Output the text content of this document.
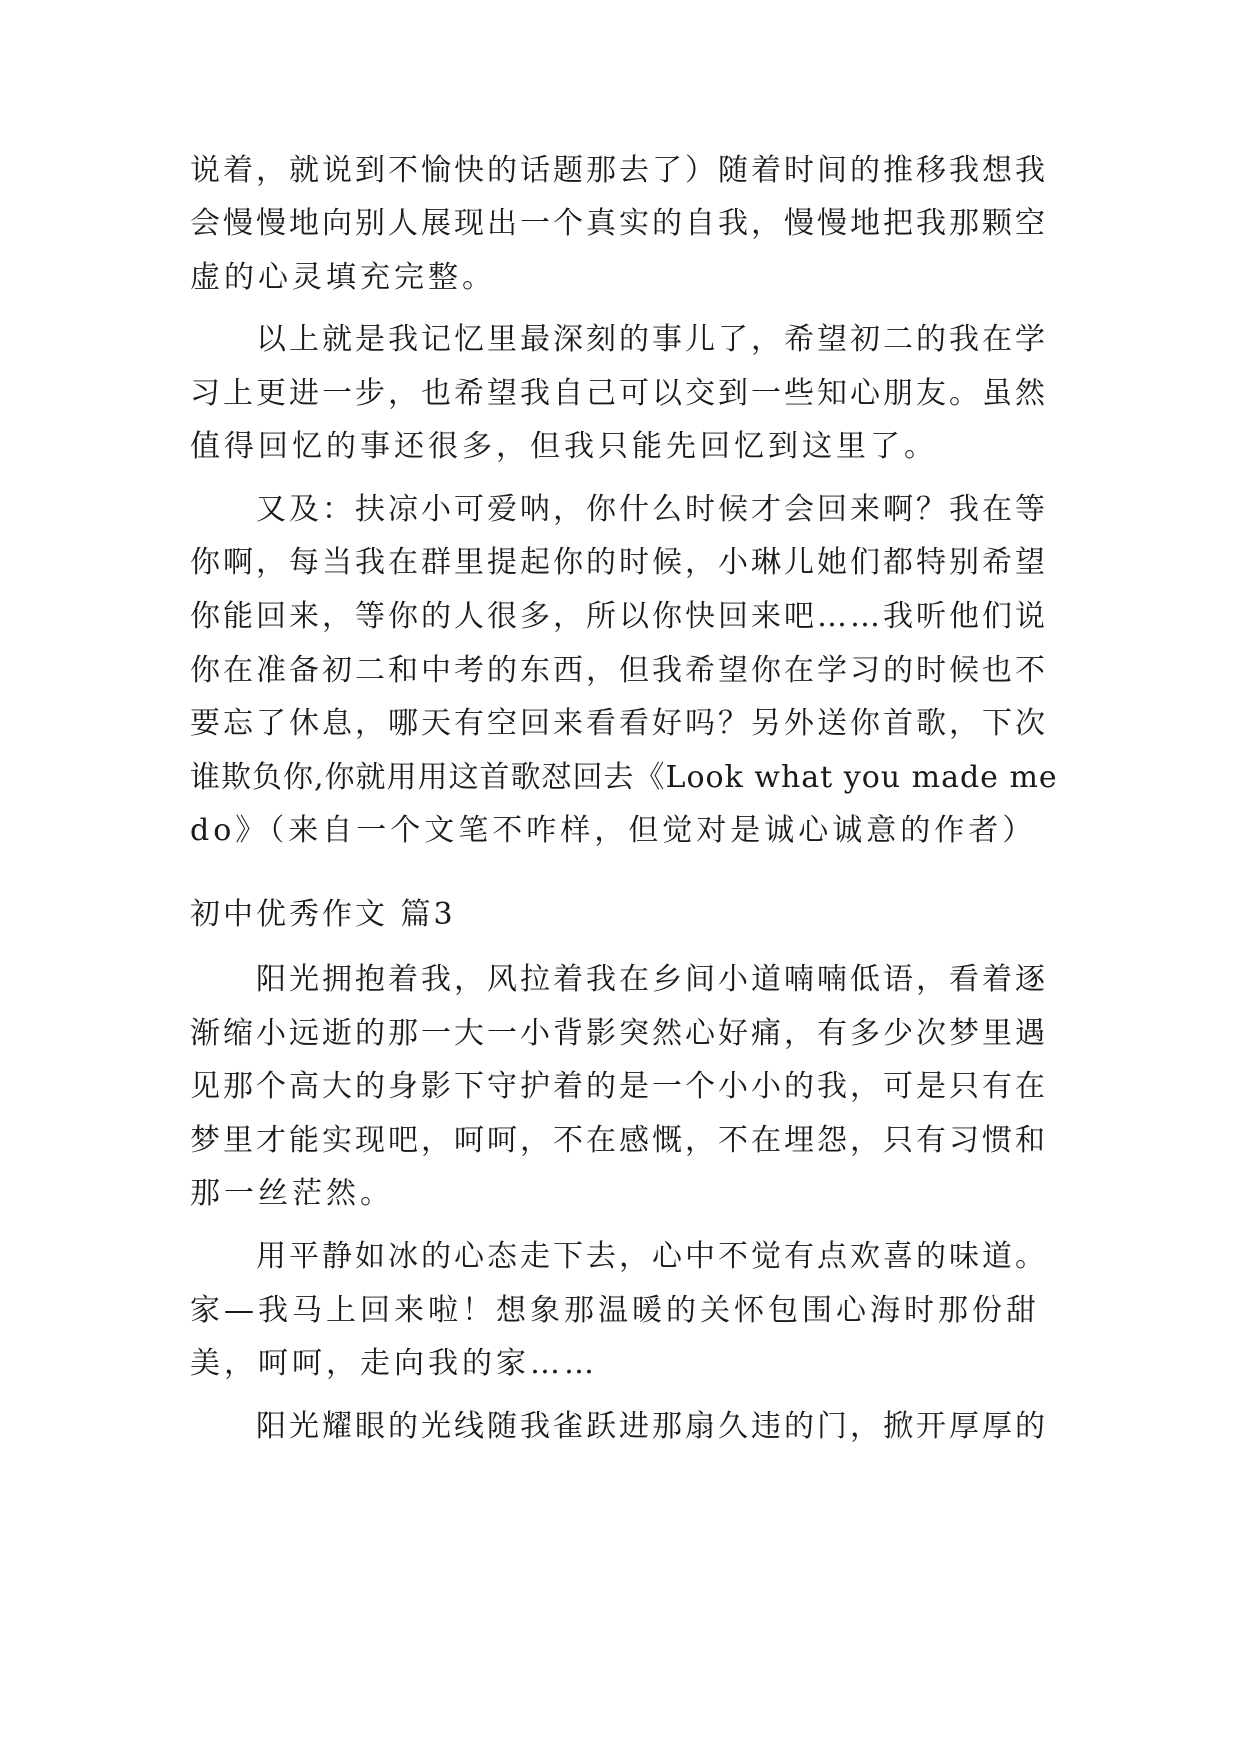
说着，就说到不愉快的话题那去了）随着时间的推移我想我
会慢慢地向别人展现出一个真实的自我，慢慢地把我那颗空
虚的心灵填充完整。
以上就是我记忆里最深刻的事儿了，希望初二的我在学
习上更进一步，也希望我自己可以交到一些知心朋友。虽然
值得回忆的事还很多，但我只能先回忆到这里了。
又及：扶凉小可爱呐，你什么时候才会回来啊？我在等
你啊，每当我在群里提起你的时候，小琳儿她们都特别希望
你能回来，等你的人很多，所以你快回来吧……我听他们说
你在准备初二和中考的东西，但我希望你在学习的时候也不
要忘了休息，哪天有空回来看看好吗？另外送你首歌，下次
谁欺负你,你就用用这首歌怼回去《Look what you made me
do》（来自一个文笔不咋样，但觉对是诚心诚意的作者）
初中优秀作文 篇3
阳光拥抱着我，风拉着我在乡间小道喃喃低语，看着逐
渐缩小远逝的那一大一小背影突然心好痛，有多少次梦里遇
见那个高大的身影下守护着的是一个小小的我，可是只有在
梦里才能实现吧，呵呵，不在感慨，不在埋怨，只有习惯和
那一丝茫然。
用平静如冰的心态走下去，心中不觉有点欢喜的味道。
家—我马上回来啦！想象那温暖的关怀包围心海时那份甜
美，呵呵，走向我的家……
阳光耀眼的光线随我雀跃进那扇久违的门，掀开厚厚的
